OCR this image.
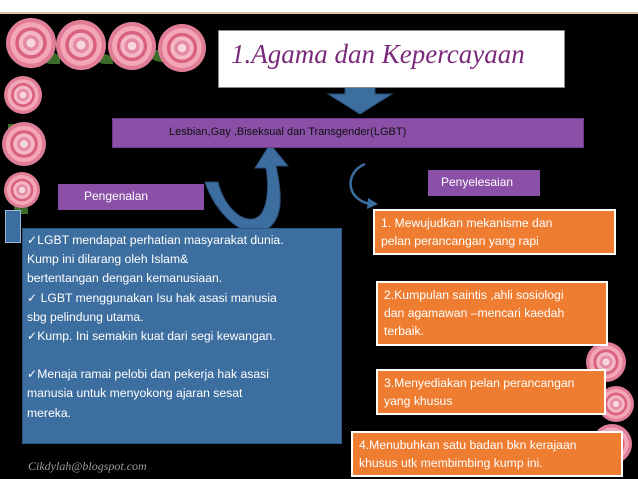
1.Agama dan Kepercayaan
Lesbian,Gay ,Biseksual dan Transgender(LGBT)
Pengenalan
Penyelesaian
✓LGBT mendapat perhatian masyarakat dunia.
Kump ini dilarang oleh Islam&
bertentangan dengan kemanusiaan.
✓ LGBT menggunakan Isu hak asasi manusia
sbg pelindung utama.
✓Kump. Ini semakin kuat dari segi kewangan.
✓Menaja ramai pelobi dan pekerja hak asasi
manusia untuk menyokong ajaran sesat
mereka.
1. Mewujudkan mekanisme dan
pelan perancangan yang rapi
2.Kumpulan saintis ,ahli sosiologi
dan agamawan –mencari kaedah
terbaik.
3.Menyediakan pelan perancangan
yang khusus
4.Menubuhkan satu badan bkn kerajaan
khusus utk membimbing kump ini.
Cikdylah@blogspot.com
